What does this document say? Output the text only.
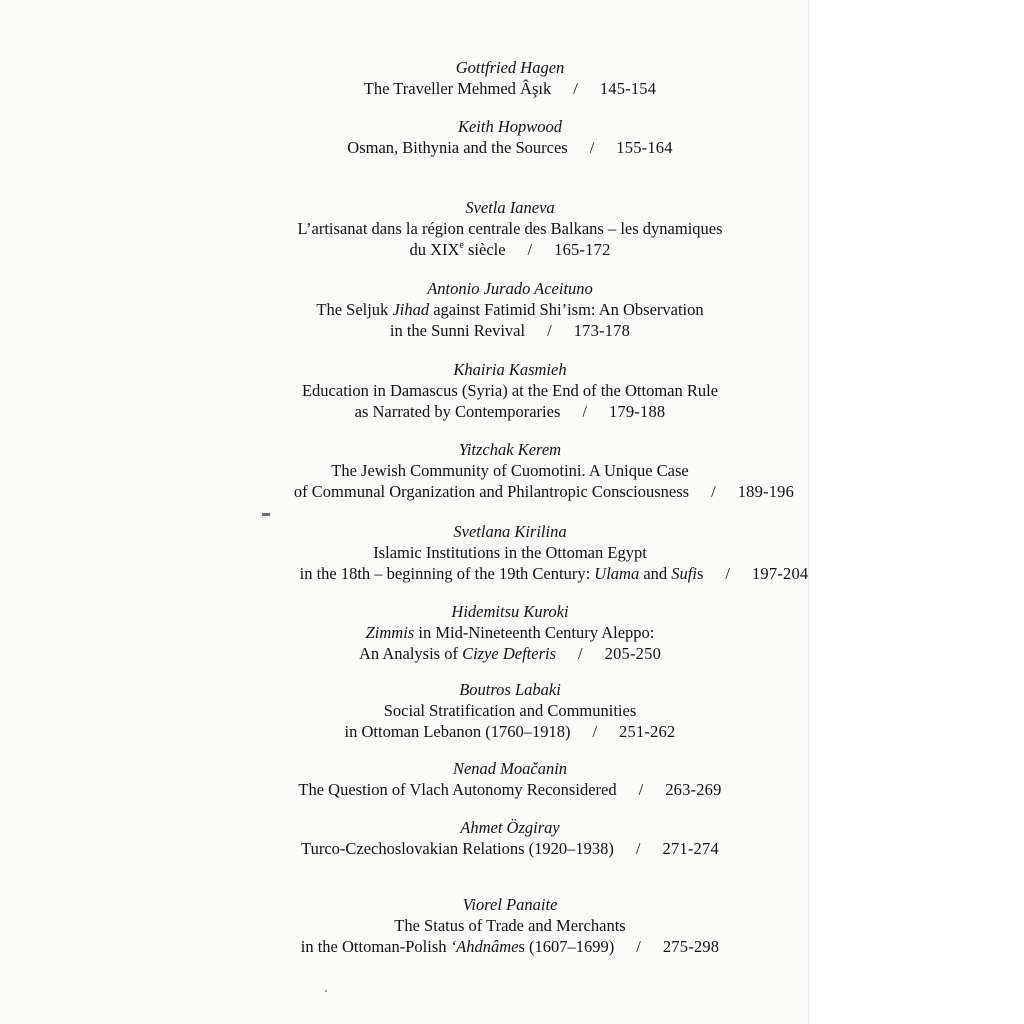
Gottfried Hagen
The Traveller Mehmed Âşık / 145-154
Keith Hopwood
Osman, Bithynia and the Sources / 155-164
Svetla Ianeva
L’artisanat dans la région centrale des Balkans – les dynamiques
du XIXe siècle / 165-172
Antonio Jurado Aceituno
The Seljuk Jihad against Fatimid Shi’ism: An Observation
in the Sunni Revival / 173-178
Khairia Kasmieh
Education in Damascus (Syria) at the End of the Ottoman Rule
as Narrated by Contemporaries / 179-188
Yitzchak Kerem
The Jewish Community of Cuomotini. A Unique Case
of Communal Organization and Philantropic Consciousness / 189-196
Svetlana Kirilina
Islamic Institutions in the Ottoman Egypt
in the 18th – beginning of the 19th Century: Ulama and Sufis / 197-204
Hidemitsu Kuroki
Zimmis in Mid-Nineteenth Century Aleppo:
An Analysis of Cizye Defteris / 205-250
Boutros Labaki
Social Stratification and Communities
in Ottoman Lebanon (1760–1918) / 251-262
Nenad Moačanin
The Question of Vlach Autonomy Reconsidered / 263-269
Ahmet Özgiray
Turco-Czechoslovakian Relations (1920–1938) / 271-274
Viorel Panaite
The Status of Trade and Merchants
in the Ottoman-Polish ‘Ahdnâmes (1607–1699) / 275-298
